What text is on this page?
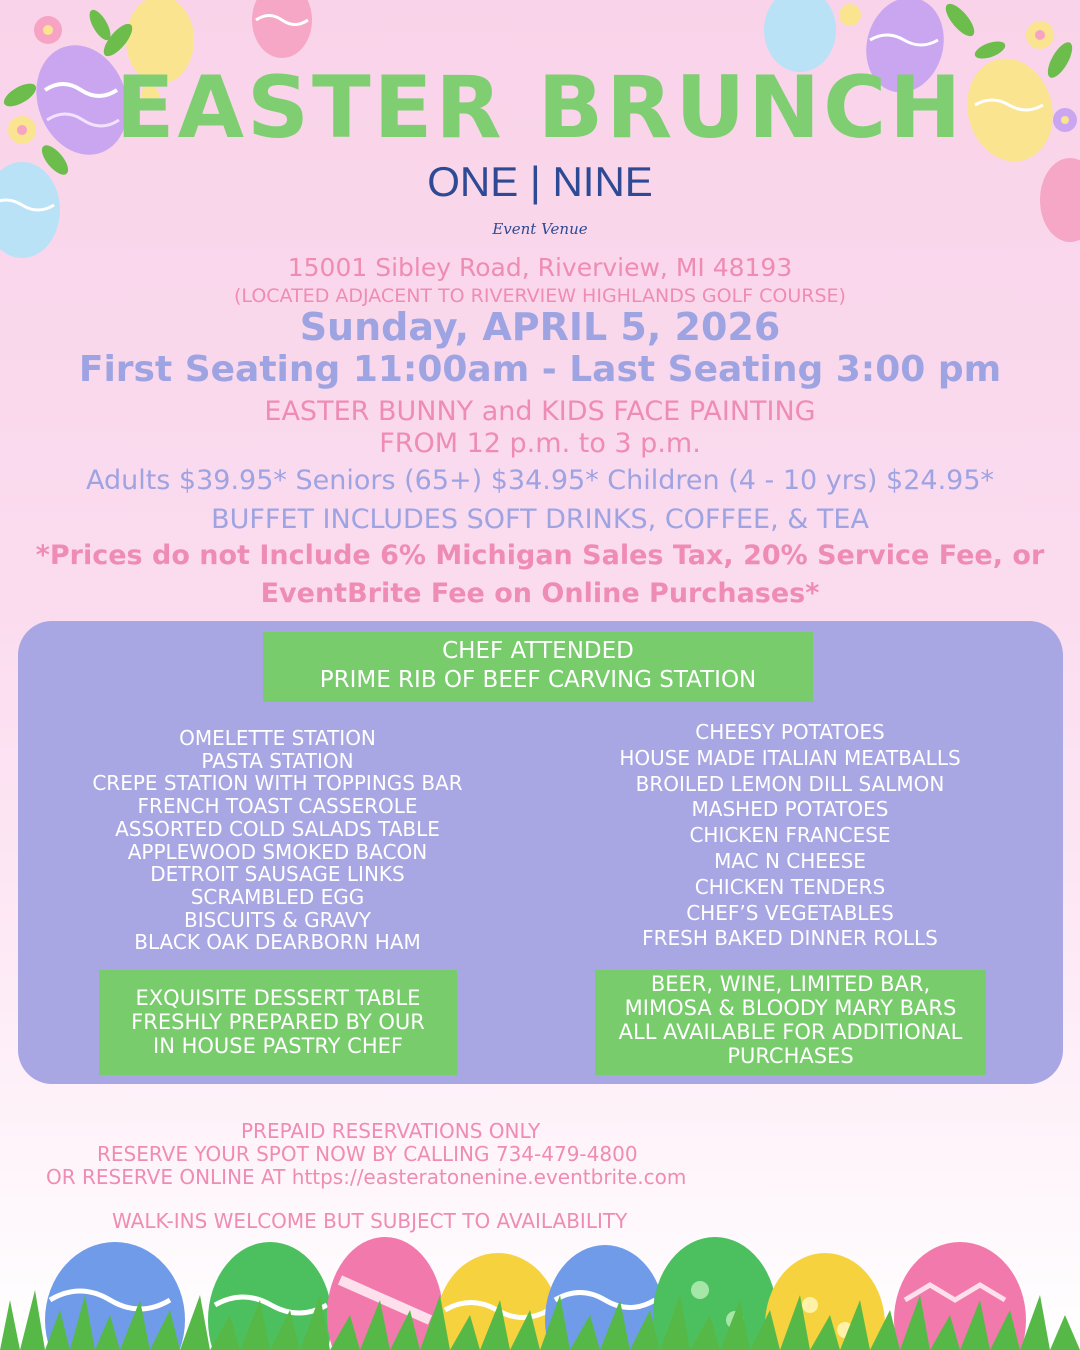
EASTER BRUNCH
ONE | NINE
Event Venue
15001 Sibley Road, Riverview, MI 48193
(LOCATED ADJACENT TO RIVERVIEW HIGHLANDS GOLF COURSE)
Sunday, APRIL 5, 2026
First Seating 11:00am - Last Seating 3:00 pm
EASTER BUNNY and KIDS FACE PAINTING
FROM 12 p.m. to 3 p.m.
Adults $39.95* Seniors (65+) $34.95* Children (4 - 10 yrs) $24.95*
BUFFET INCLUDES SOFT DRINKS, COFFEE, & TEA
*Prices do not Include 6% Michigan Sales Tax, 20% Service Fee, or
EventBrite Fee on Online Purchases*
CHEF ATTENDED
PRIME RIB OF BEEF CARVING STATION
OMELETTE STATION
PASTA STATION
CREPE STATION WITH TOPPINGS BAR
FRENCH TOAST CASSEROLE
ASSORTED COLD SALADS TABLE
APPLEWOOD SMOKED BACON
DETROIT SAUSAGE LINKS
SCRAMBLED EGG
BISCUITS & GRAVY
BLACK OAK DEARBORN HAM
CHEESY POTATOES
HOUSE MADE ITALIAN MEATBALLS
BROILED LEMON DILL SALMON
MASHED POTATOES
CHICKEN FRANCESE
MAC N CHEESE
CHICKEN TENDERS
CHEF’S VEGETABLES
FRESH BAKED DINNER ROLLS
EXQUISITE DESSERT TABLE
FRESHLY PREPARED BY OUR
IN HOUSE PASTRY CHEF
BEER, WINE, LIMITED BAR,
MIMOSA & BLOODY MARY BARS
ALL AVAILABLE FOR ADDITIONAL
PURCHASES
PREPAID RESERVATIONS ONLY
RESERVE YOUR SPOT NOW BY CALLING 734-479-4800
OR RESERVE ONLINE AT https://easteratonenine.eventbrite.com
WALK-INS WELCOME BUT SUBJECT TO AVAILABILITY
